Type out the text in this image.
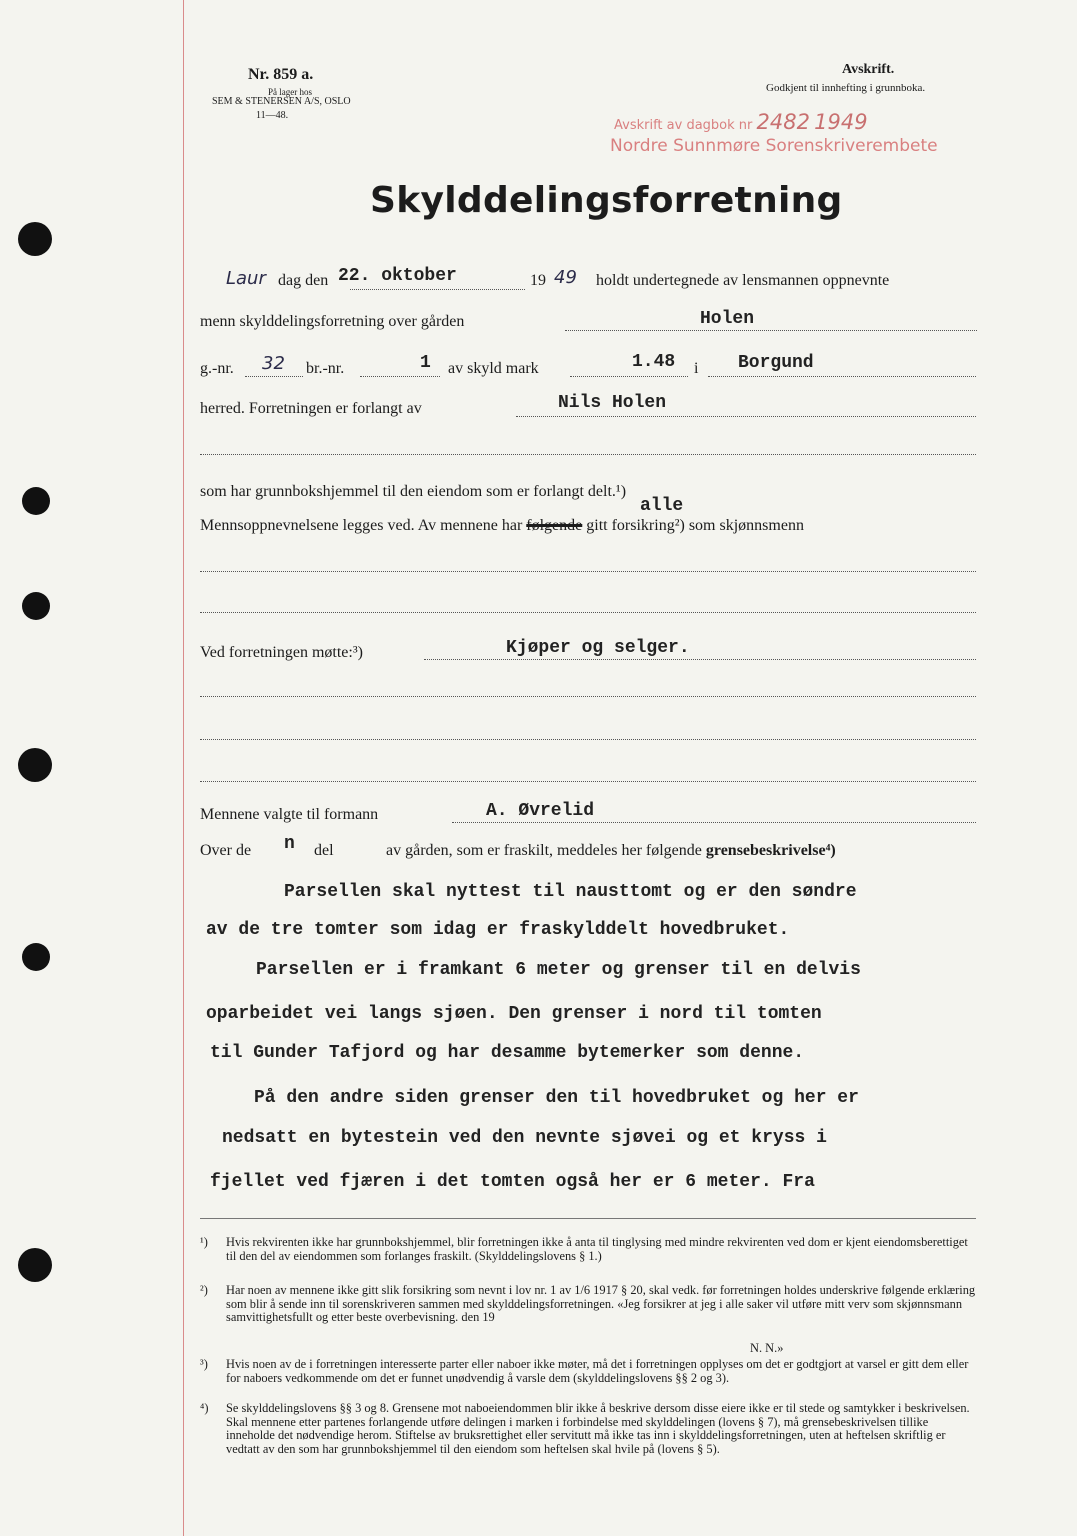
Nr. 859 a.
På lager hos
SEM & STENERSEN A/S, OSLO
11—48.
Avskrift.
Godkjent til innhefting i grunnboka.
Avskrift av dagbok nr 2482 1949
Nordre Sunnmøre Sorenskriverembete
Skylddelingsforretning
Laur dag den 22. oktober	19 49 holdt undertegnede av lensmannen oppnevnte
menn skylddelingsforretning over gården	Holen
g.-nr. 32 br.-nr.	1 av skyld mark	1.48 i Borgund
herred. Forretningen er forlangt av	Nils Holen
som har grunnbokshjemmel til den eiendom som er forlangt delt.¹)
alle
Mennsoppnevnelsene legges ved. Av mennene har følgende gitt forsikring²) som skjønnsmenn
Ved forretningen møtte:³)	Kjøper og selger.
Mennene valgte til formann	A. Øvrelid
Over de n del	av gården, som er fraskilt, meddeles her følgende grensebeskrivelse⁴)
Parsellen skal nyttest til nausttomt og er den søndre
av de tre tomter som idag er fraskylddelt hovedbruket.
Parsellen er i framkant 6 meter og grenser til en delvis
oparbeidet vei langs sjøen. Den grenser i nord til tomten
til Gunder Tafjord og har desamme bytemerker som denne.
På den andre siden grenser den til hovedbruket og her er
nedsatt en bytestein ved den nevnte sjøvei og et kryss i
fjellet ved fjæren i det tomten også her er 6 meter. Fra
¹) Hvis rekvirenten ikke har grunnbokshjemmel, blir forretningen ikke å anta til tinglysing med mindre rekvirenten ved dom er kjent eiendomsberettiget til den del av eiendommen som forlanges fraskilt. (Skylddelingslovens § 1.)
²) Har noen av mennene ikke gitt slik forsikring som nevnt i lov nr. 1 av 1/6 1917 § 20, skal vedk. før forretningen holdes underskrive følgende erklæring som blir å sende inn til sorenskriveren sammen med skylddelingsforretningen. «Jeg forsikrer at jeg i alle saker vil utføre mitt verv som skjønnsmann samvittighetsfullt og etter beste overbevisning. den 19
N. N.»
³) Hvis noen av de i forretningen interesserte parter eller naboer ikke møter, må det i forretningen opplyses om det er godtgjort at varsel er gitt dem eller for naboers vedkommende om det er funnet unødvendig å varsle dem (skylddelingslovens §§ 2 og 3).
⁴) Se skylddelingslovens §§ 3 og 8. Grensene mot naboeiendommen blir ikke å beskrive dersom disse eiere ikke er til stede og samtykker i beskrivelsen. Skal mennene etter partenes forlangende utføre delingen i marken i forbindelse med skylddelingen (lovens § 7), må grensebeskrivelsen tillike inneholde det nødvendige herom. Stiftelse av bruksrettighet eller servitutt må ikke tas inn i skylddelingsforretningen, uten at heftelsen skriftlig er vedtatt av den som har grunnbokshjemmel til den eiendom som heftelsen skal hvile på (lovens § 5).
